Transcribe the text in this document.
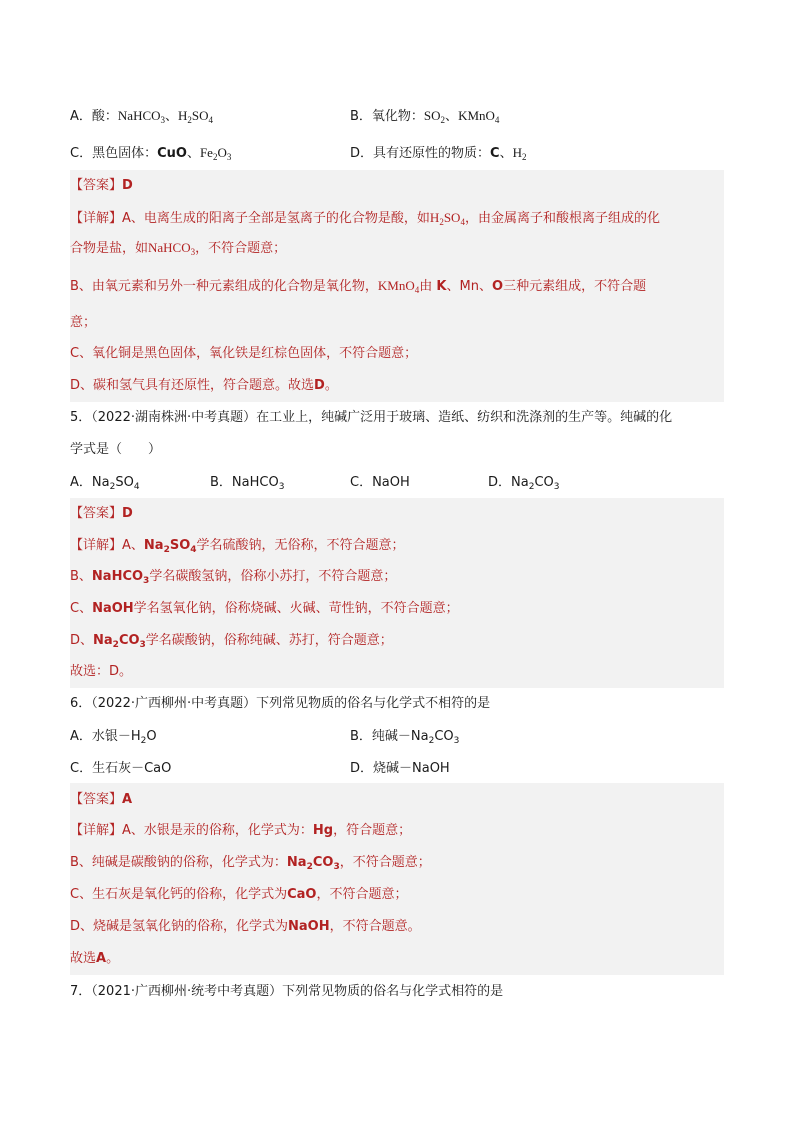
A．酸：NaHCO$_3$、$H_2SO_4$	B．氧化物：$SO_2$、KMnO$_4$
C．黑色固体：CuO、$Fe_2O_3$	D．具有还原性的物质：C、$H_2$
【答案】D
【详解】A、电离生成的阳离子全部是氢离子的化合物是酸，如$H_2SO_4$，由金属离子和酸根离子组成的化
合物是盐，如NaHCO$_3$，不符合题意；
B、由氧元素和另外一种元素组成的化合物是氧化物，KMnO$_4$由 K、Mn、O三种元素组成，不符合题
意；
C、氧化铜是黑色固体，氧化铁是红棕色固体，不符合题意；
D、碳和氢气具有还原性，符合题意。故选D。
5．（2022·湖南株洲·中考真题）在工业上，纯碱广泛用于玻璃、造纸、纺织和洗涤剂的生产等。纯碱的化
学式是（　　）
A．$Na_2SO_4$	B．NaHCO$_3$	C．NaOH	D．$Na_2CO_3$
【答案】D
【详解】A、$Na_2SO_4$学名硫酸钠，无俗称，不符合题意；
B、NaHCO$_3$学名碳酸氢钠，俗称小苏打，不符合题意；
C、NaOH学名氢氧化钠，俗称烧碱、火碱、苛性钠，不符合题意；
D、$Na_2CO_3$学名碳酸钠，俗称纯碱、苏打，符合题意；
故选：D。
6．（2022·广西柳州·中考真题）下列常见物质的俗名与化学式不相符的是
A．水银$-H_2O$	B．纯碱$-Na_2CO_3$
C．生石灰－CaO	D．烧碱－NaOH
【答案】A
【详解】A、水银是汞的俗称，化学式为：Hg，符合题意；
B、纯碱是碳酸钠的俗称，化学式为：$Na_2CO_3$，不符合题意；
C、生石灰是氧化钙的俗称，化学式为CaO，不符合题意；
D、烧碱是氢氧化钠的俗称，化学式为NaOH，不符合题意。
故选A。
7．（2021·广西柳州·统考中考真题）下列常见物质的俗名与化学式相符的是
